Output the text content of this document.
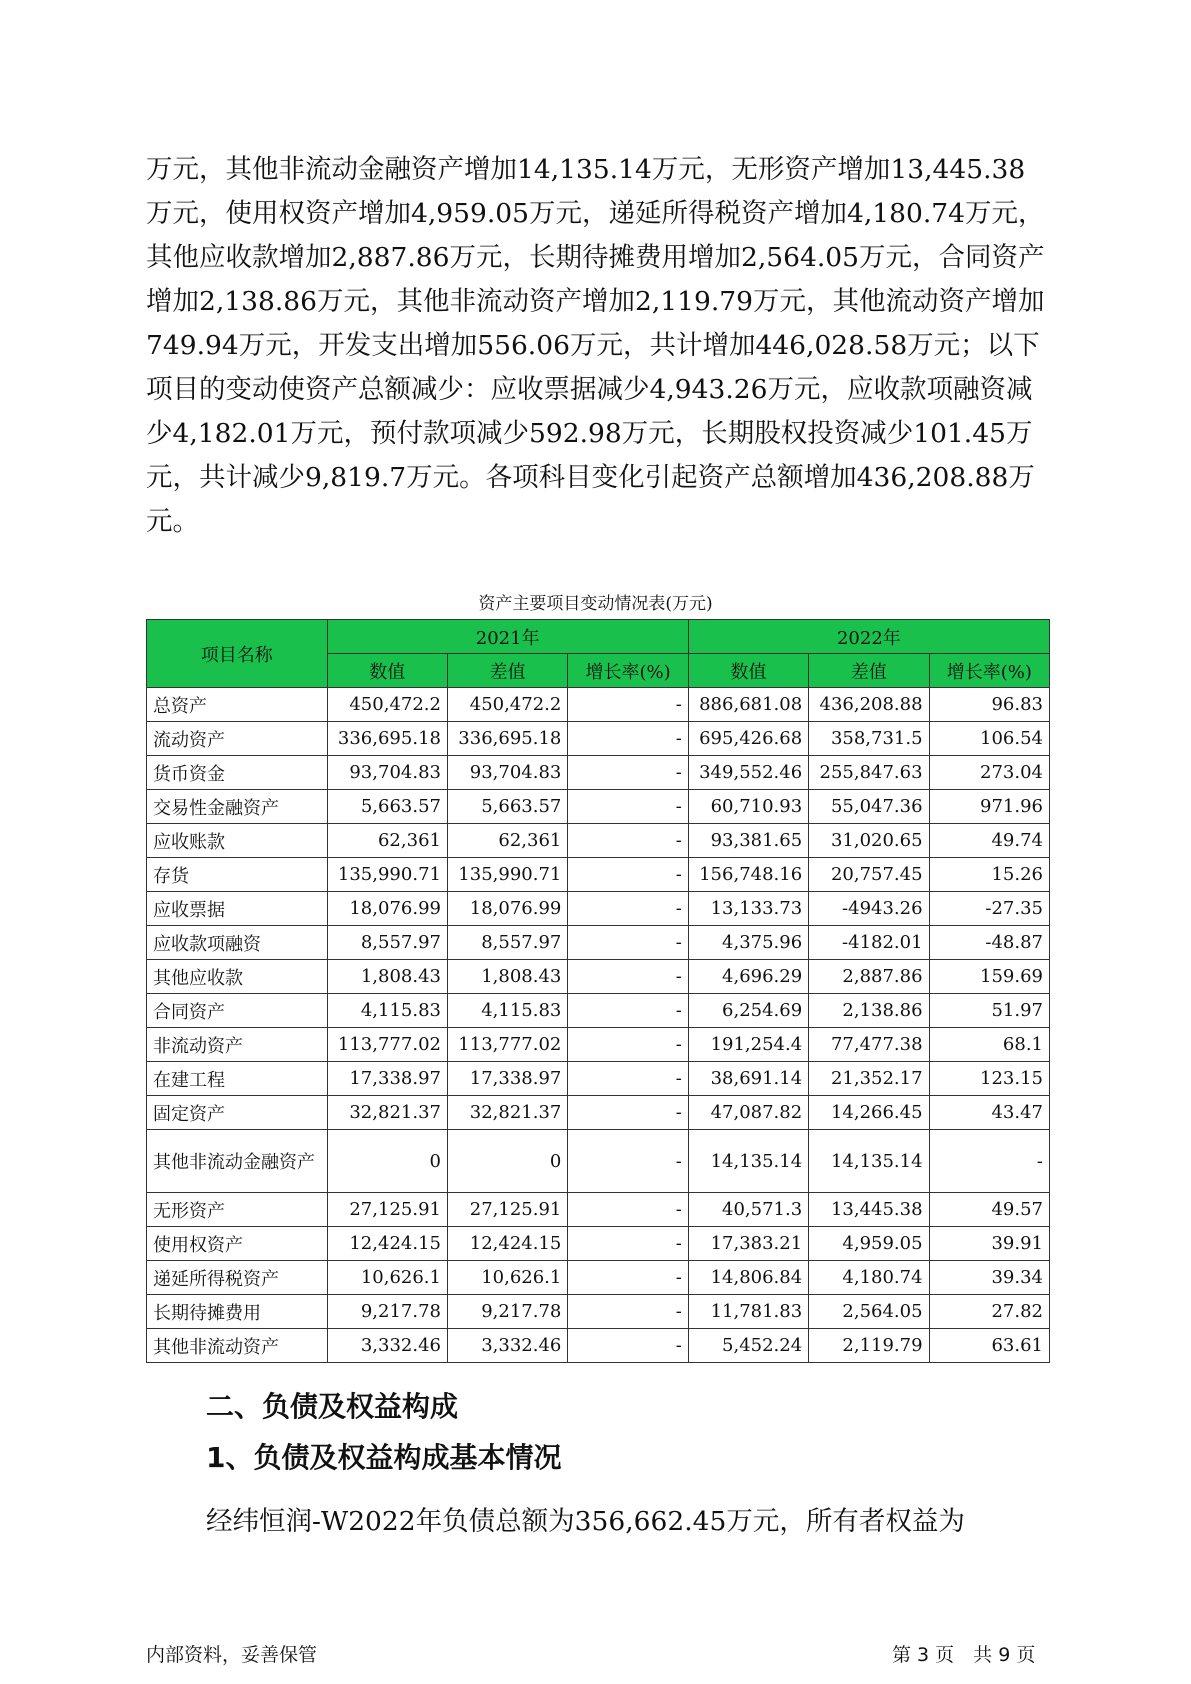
万元，其他非流动金融资产增加14,135.14万元，无形资产增加13,445.38万元，使用权资产增加4,959.05万元，递延所得税资产增加4,180.74万元，其他应收款增加2,887.86万元，长期待摊费用增加2,564.05万元，合同资产增加2,138.86万元，其他非流动资产增加2,119.79万元，其他流动资产增加749.94万元，开发支出增加556.06万元，共计增加446,028.58万元；以下项目的变动使资产总额减少：应收票据减少4,943.26万元，应收款项融资减少4,182.01万元，预付款项减少592.98万元，长期股权投资减少101.45万元，共计减少9,819.7万元。各项科目变化引起资产总额增加436,208.88万元。

资产主要项目变动情况表(万元)
项目名称	2021年			2022年		
	数值	差值	增长率(%)	数值	差值	增长率(%)
总资产	450,472.2	450,472.2	-	886,681.08	436,208.88	96.83
流动资产	336,695.18	336,695.18	-	695,426.68	358,731.5	106.54
货币资金	93,704.83	93,704.83	-	349,552.46	255,847.63	273.04
交易性金融资产	5,663.57	5,663.57	-	60,710.93	55,047.36	971.96
应收账款	62,361	62,361	-	93,381.65	31,020.65	49.74
存货	135,990.71	135,990.71	-	156,748.16	20,757.45	15.26
应收票据	18,076.99	18,076.99	-	13,133.73	-4943.26	-27.35
应收款项融资	8,557.97	8,557.97	-	4,375.96	-4182.01	-48.87
其他应收款	1,808.43	1,808.43	-	4,696.29	2,887.86	159.69
合同资产	4,115.83	4,115.83	-	6,254.69	2,138.86	51.97
非流动资产	113,777.02	113,777.02	-	191,254.4	77,477.38	68.1
在建工程	17,338.97	17,338.97	-	38,691.14	21,352.17	123.15
固定资产	32,821.37	32,821.37	-	47,087.82	14,266.45	43.47
其他非流动金融资产	0	0	-	14,135.14	14,135.14	-
无形资产	27,125.91	27,125.91	-	40,571.3	13,445.38	49.57
使用权资产	12,424.15	12,424.15	-	17,383.21	4,959.05	39.91
递延所得税资产	10,626.1	10,626.1	-	14,806.84	4,180.74	39.34
长期待摊费用	9,217.78	9,217.78	-	11,781.83	2,564.05	27.82
其他非流动资产	3,332.46	3,332.46	-	5,452.24	2,119.79	63.61
二、负债及权益构成
1、负债及权益构成基本情况

经纬恒润-W2022年负债总额为356,662.45万元，所有者权益为

内部资料，妥善保管	第 3 页　共 9 页
